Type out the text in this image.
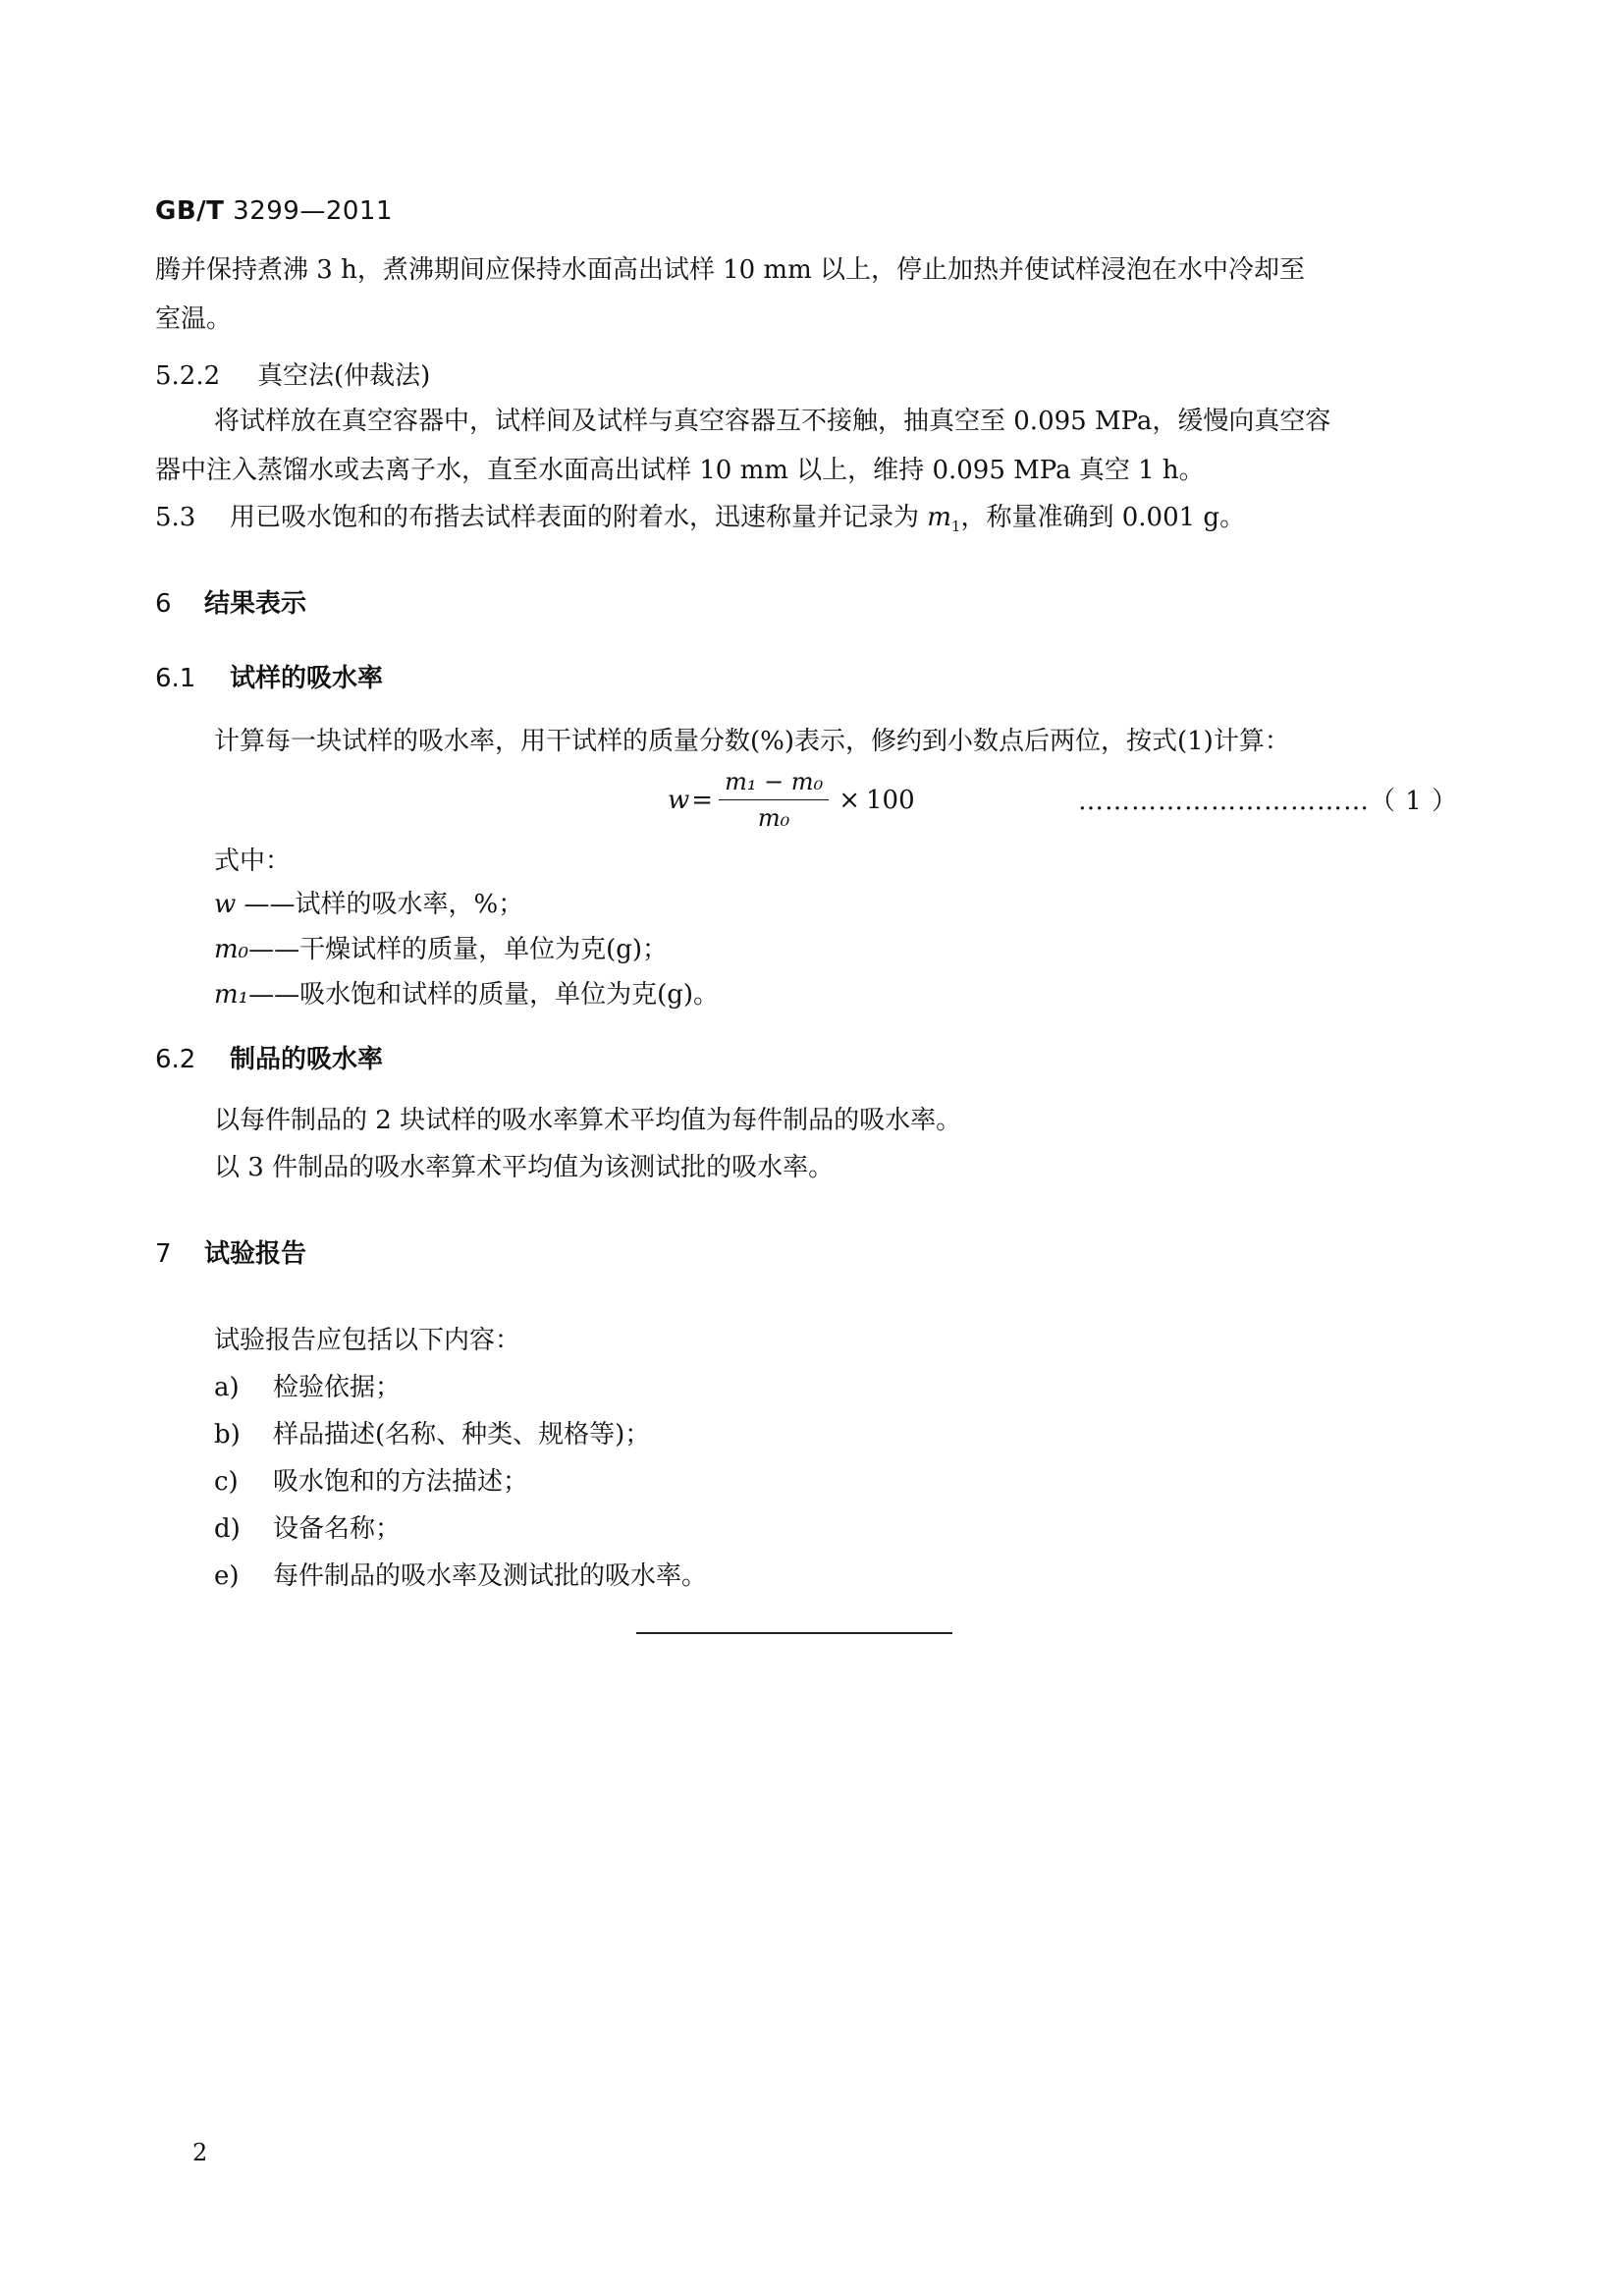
GB/T 3299—2011
腾并保持煮沸 3 h，煮沸期间应保持水面高出试样 10 mm 以上，停止加热并使试样浸泡在水中冷却至
室温。
5.2.2 真空法(仲裁法)
将试样放在真空容器中，试样间及试样与真空容器互不接触，抽真空至 0.095 MPa，缓慢向真空容
器中注入蒸馏水或去离子水，直至水面高出试样 10 mm 以上，维持 0.095 MPa 真空 1 h。
5.3 用已吸水饱和的布揩去试样表面的附着水，迅速称量并记录为 $m_1$，称量准确到 0.001 g。
6 结果表示
6.1 试样的吸水率
计算每一块试样的吸水率，用干试样的质量分数(%)表示，修约到小数点后两位，按式(1)计算：
$w = \frac{\text{m₁ − m₀}}{\text{m₀}} \times 100$	……………………………（ 1 ）
式中：
w ——试样的吸水率，%；
m₀——干燥试样的质量，单位为克(g)；
m₁——吸水饱和试样的质量，单位为克(g)。
6.2 制品的吸水率
以每件制品的 2 块试样的吸水率算术平均值为每件制品的吸水率。
以 3 件制品的吸水率算术平均值为该测试批的吸水率。
7 试验报告
试验报告应包括以下内容：
a) 检验依据；
b) 样品描述(名称、种类、规格等)；
c) 吸水饱和的方法描述；
d) 设备名称；
e) 每件制品的吸水率及测试批的吸水率。
2
